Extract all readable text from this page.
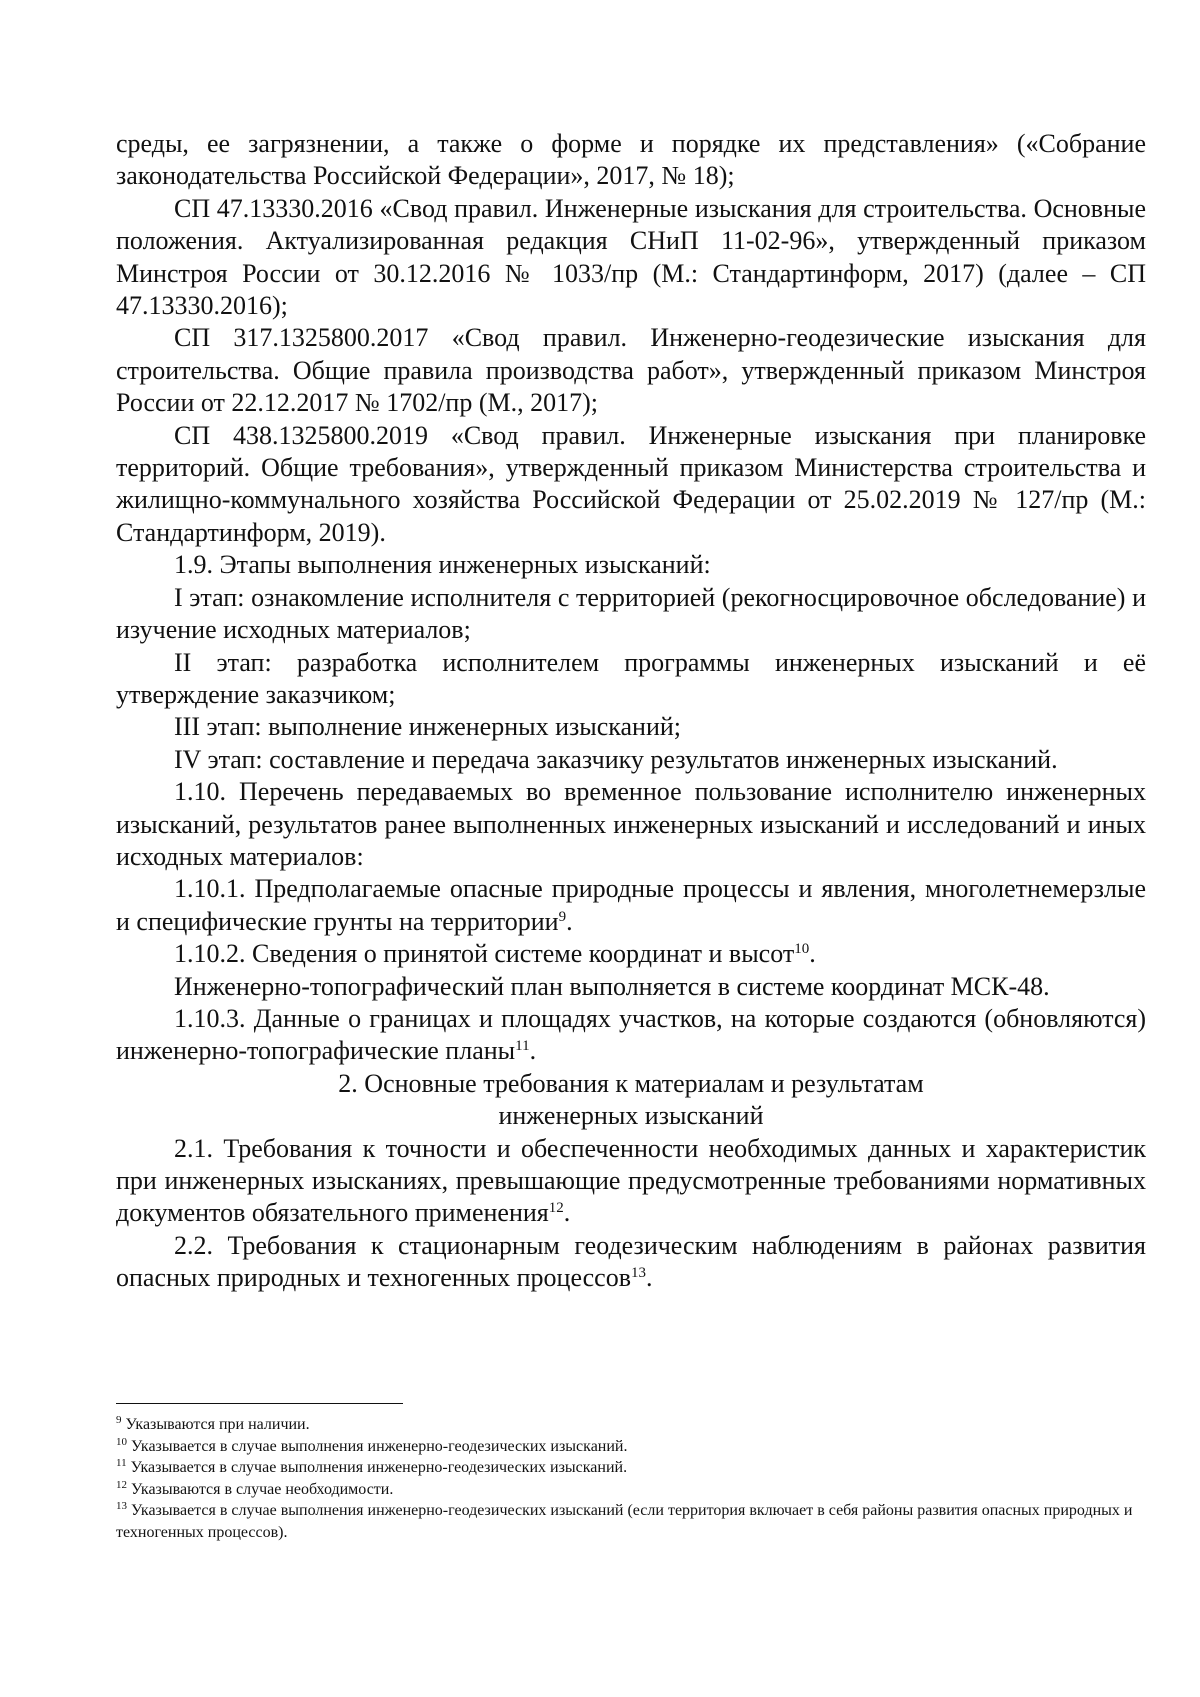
среды, ее загрязнении, а также о форме и порядке их представления» («Собрание законодательства Российской Федерации», 2017, № 18);

СП 47.13330.2016 «Свод правил. Инженерные изыскания для строительства. Основные положения. Актуализированная редакция СНиП 11-02-96», утвержденный приказом Минстроя России от 30.12.2016 № 1033/пр (М.: Стандартинформ, 2017) (далее – СП 47.13330.2016);

СП 317.1325800.2017 «Свод правил. Инженерно-геодезические изыскания для строительства. Общие правила производства работ», утвержденный приказом Минстроя России от 22.12.2017 № 1702/пр (М., 2017);

СП 438.1325800.2019 «Свод правил. Инженерные изыскания при планировке территорий. Общие требования», утвержденный приказом Министерства строительства и жилищно-коммунального хозяйства Российской Федерации от 25.02.2019 № 127/пр (М.: Стандартинформ, 2019).

1.9. Этапы выполнения инженерных изысканий:

I этап: ознакомление исполнителя с территорией (рекогносцировочное обследование) и изучение исходных материалов;

II этап: разработка исполнителем программы инженерных изысканий и её утверждение заказчиком;

III этап: выполнение инженерных изысканий;

IV этап: составление и передача заказчику результатов инженерных изысканий.

1.10. Перечень передаваемых во временное пользование исполнителю инженерных изысканий, результатов ранее выполненных инженерных изысканий и исследований и иных исходных материалов:

1.10.1. Предполагаемые опасные природные процессы и явления, многолетнемерзлые и специфические грунты на территории$^9$.

1.10.2. Сведения о принятой системе координат и высот$^{10}$.

Инженерно-топографический план выполняется в системе координат МСК-48.

1.10.3. Данные о границах и площадях участков, на которые создаются (обновляются) инженерно-топографические планы$^{11}$.

2. Основные требования к материалам и результатам

инженерных изысканий

2.1. Требования к точности и обеспеченности необходимых данных и характеристик при инженерных изысканиях, превышающие предусмотренные требованиями нормативных документов обязательного применения$^{12}$.

2.2. Требования к стационарным геодезическим наблюдениям в районах развития опасных природных и техногенных процессов$^{13}$.

$^9$ Указываются при наличии.

$^{10}$ Указывается в случае выполнения инженерно-геодезических изысканий.

$^{11}$ Указывается в случае выполнения инженерно-геодезических изысканий.

$^{12}$ Указываются в случае необходимости.

$^{13}$ Указывается в случае выполнения инженерно-геодезических изысканий (если территория включает в себя районы развития опасных природных и техногенных процессов).
